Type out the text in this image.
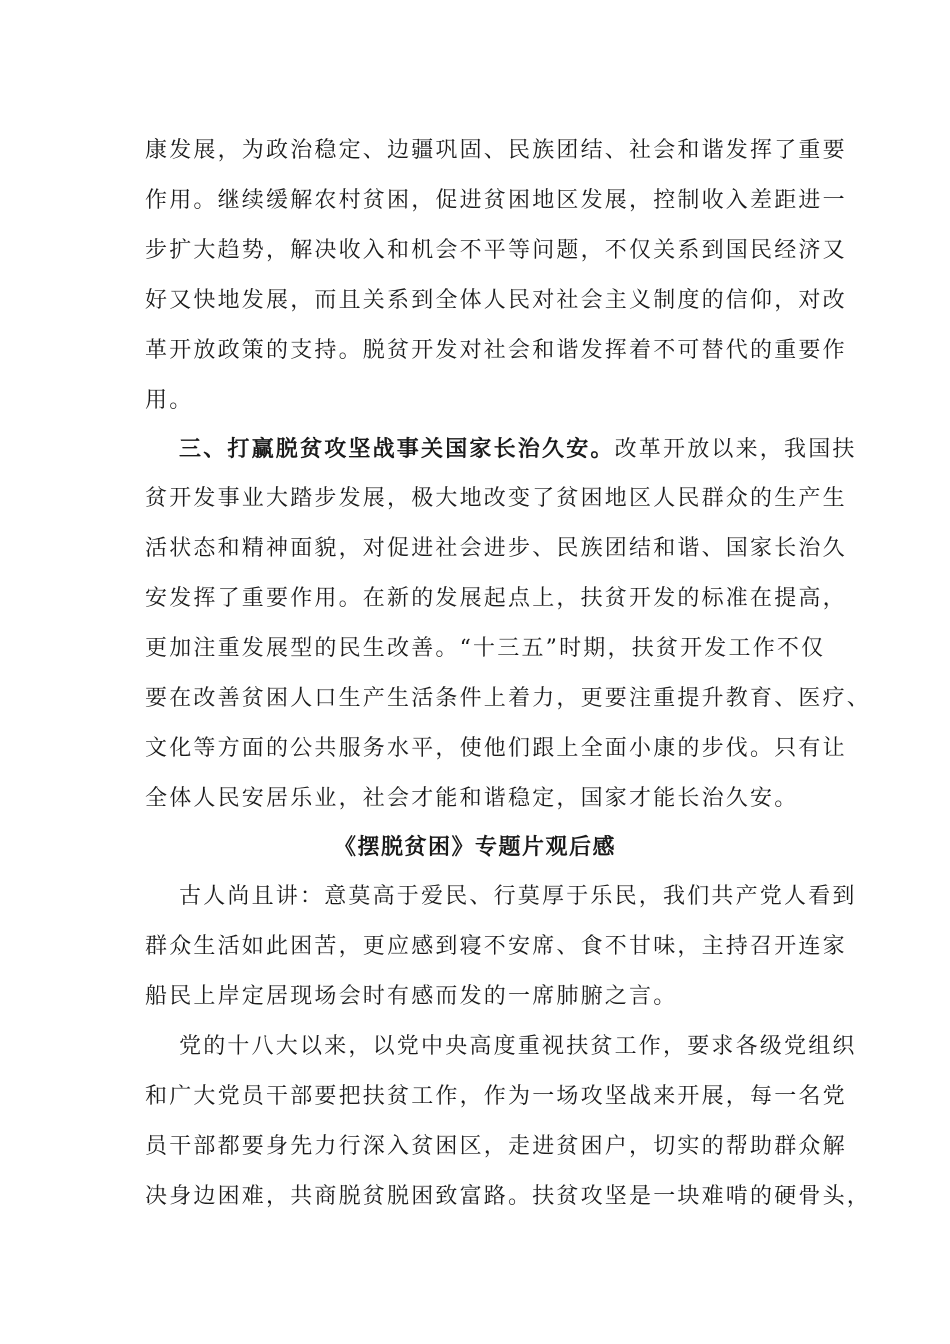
康发展，为政治稳定、边疆巩固、民族团结、社会和谐发挥了重要
作用。继续缓解农村贫困，促进贫困地区发展，控制收入差距进一
步扩大趋势，解决收入和机会不平等问题，不仅关系到国民经济又
好又快地发展，而且关系到全体人民对社会主义制度的信仰，对改
革开放政策的支持。脱贫开发对社会和谐发挥着不可替代的重要作
用。
三、打赢脱贫攻坚战事关国家长治久安。改革开放以来，我国扶
贫开发事业大踏步发展，极大地改变了贫困地区人民群众的生产生
活状态和精神面貌，对促进社会进步、民族团结和谐、国家长治久
安发挥了重要作用。在新的发展起点上，扶贫开发的标准在提高，
更加注重发展型的民生改善。“十三五”时期，扶贫开发工作不仅
要在改善贫困人口生产生活条件上着力，更要注重提升教育、医疗、
文化等方面的公共服务水平，使他们跟上全面小康的步伐。只有让
全体人民安居乐业，社会才能和谐稳定，国家才能长治久安。
《摆脱贫困》专题片观后感
古人尚且讲：意莫高于爱民、行莫厚于乐民，我们共产党人看到
群众生活如此困苦，更应感到寝不安席、食不甘味，主持召开连家
船民上岸定居现场会时有感而发的一席肺腑之言。
党的十八大以来，以党中央高度重视扶贫工作，要求各级党组织
和广大党员干部要把扶贫工作，作为一场攻坚战来开展，每一名党
员干部都要身先力行深入贫困区，走进贫困户，切实的帮助群众解
决身边困难，共商脱贫脱困致富路。扶贫攻坚是一块难啃的硬骨头，
